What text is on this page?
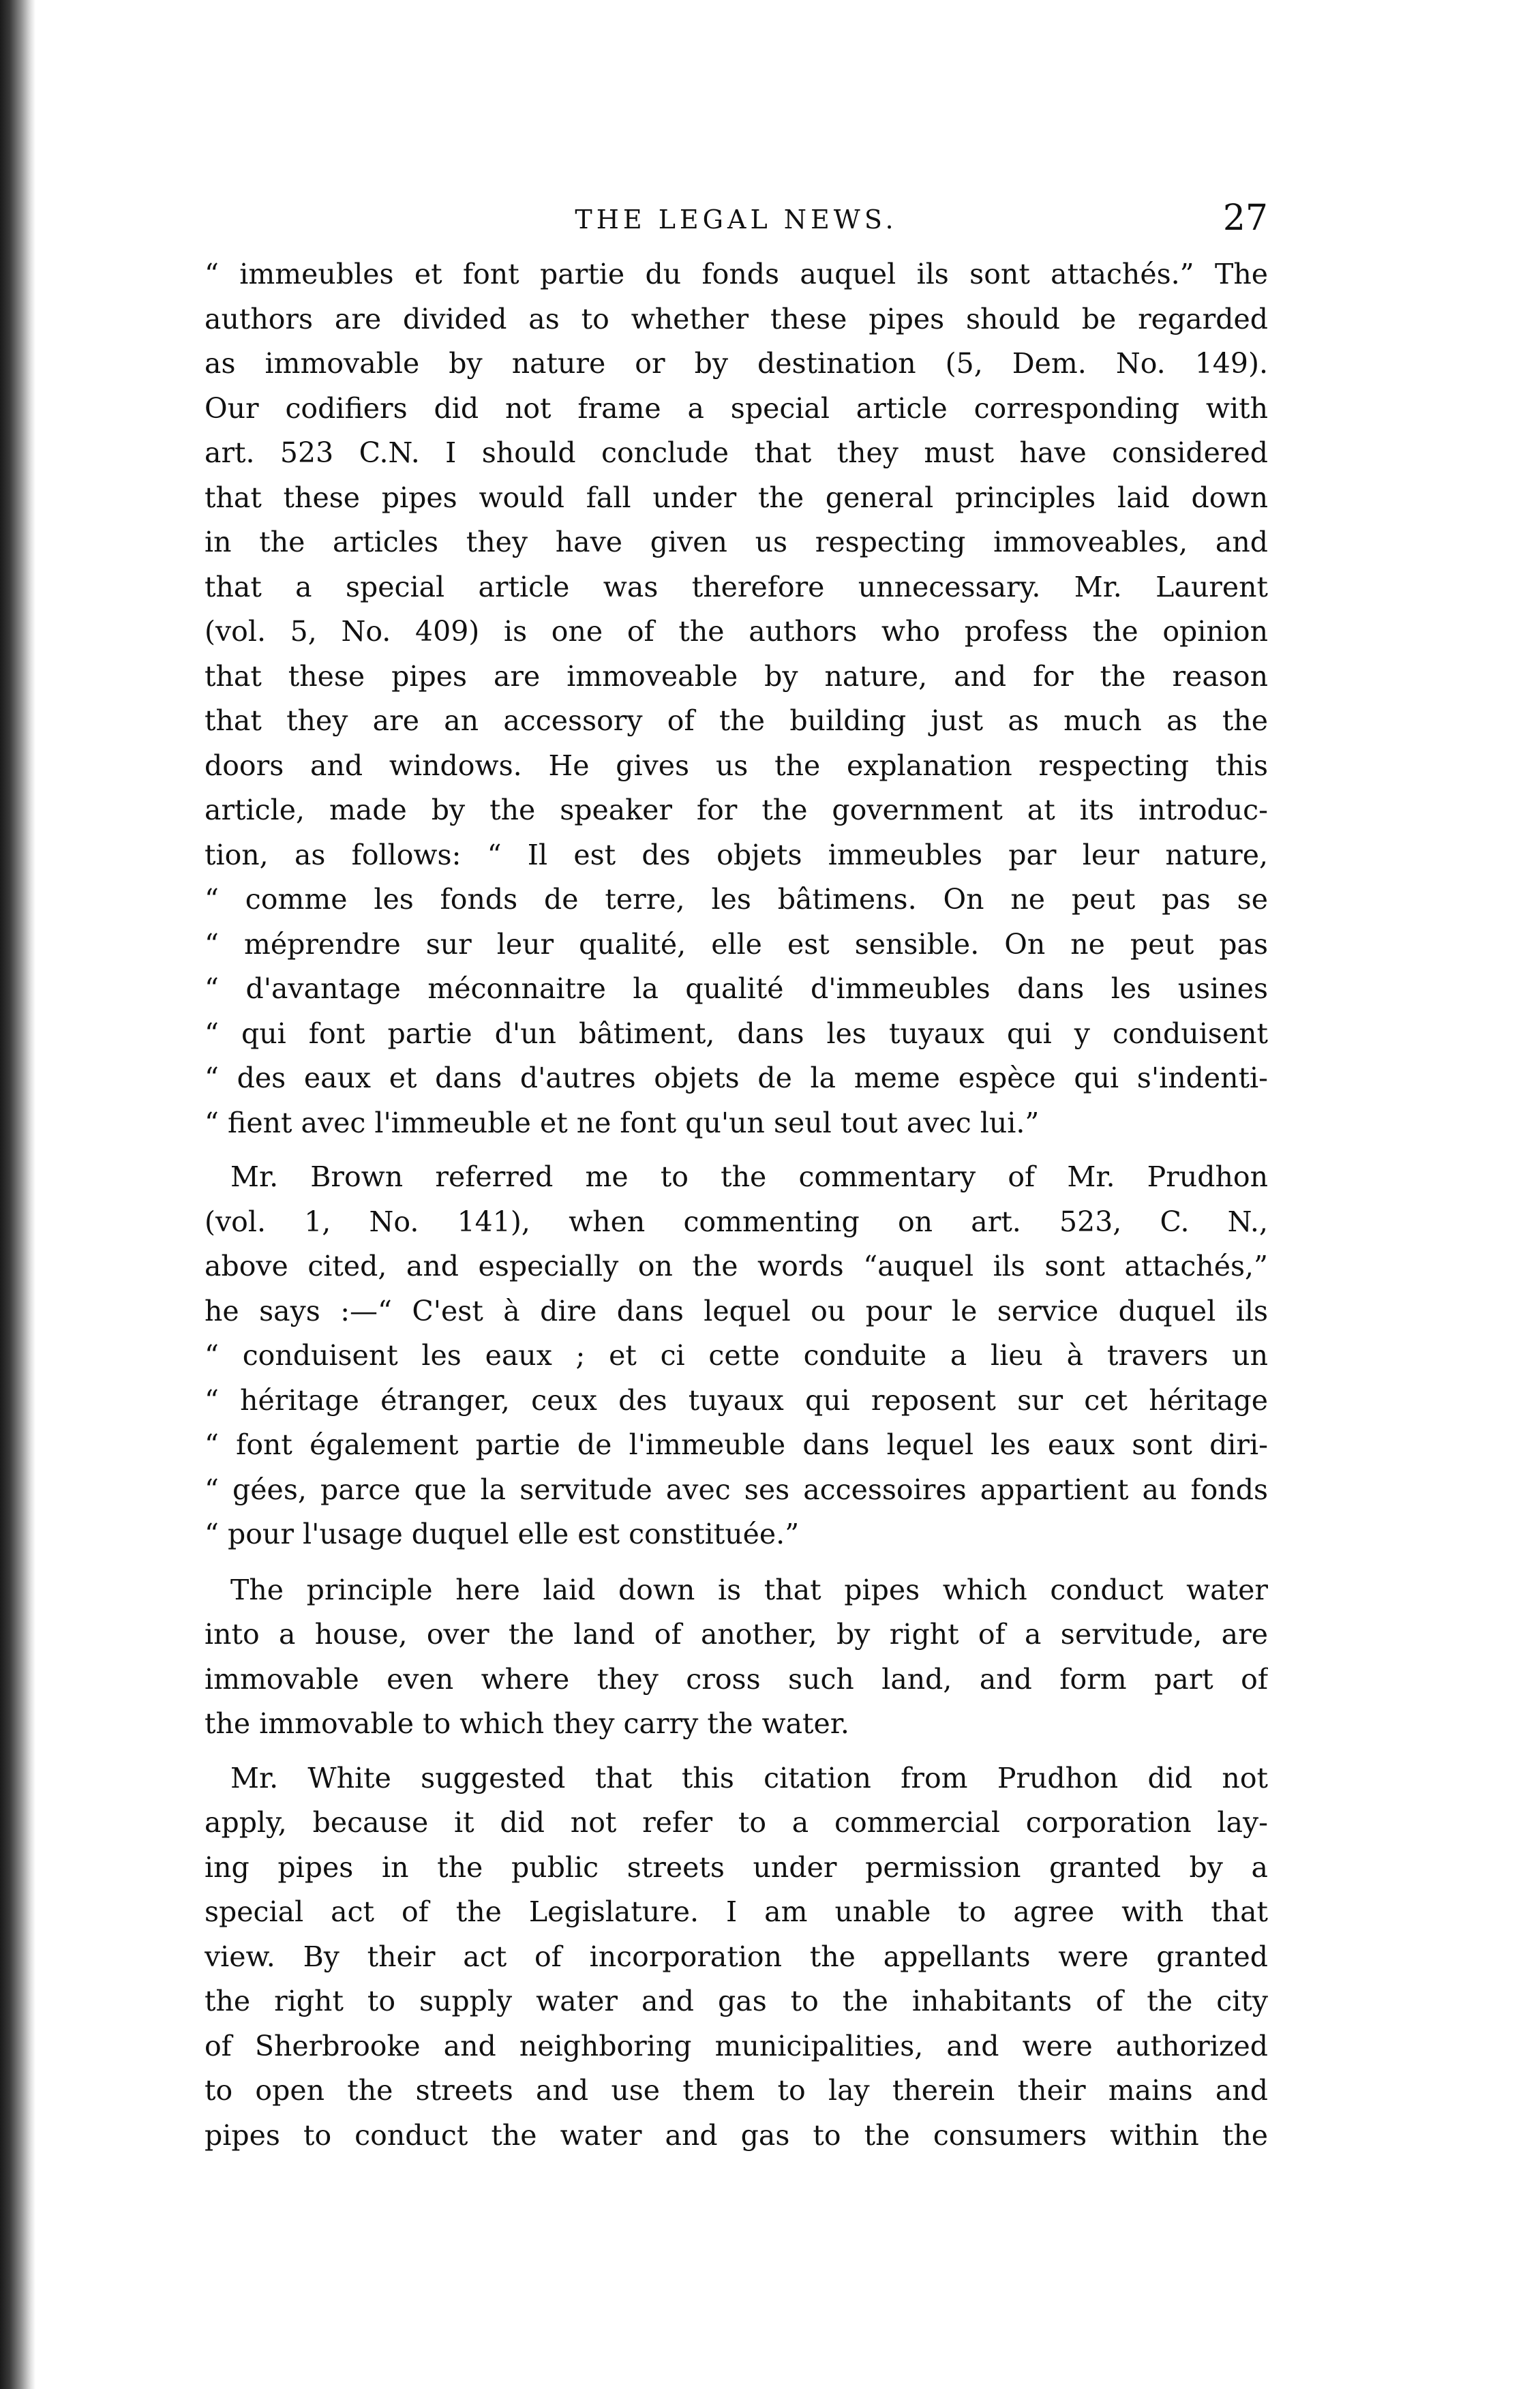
THE LEGAL NEWS.	27
“ immeubles et font partie du fonds auquel ils sont attachés.” The
authors are divided as to whether these pipes should be regarded
as immovable by nature or by destination (5, Dem. No. 149).
Our codifiers did not frame a special article corresponding with
art. 523 C.N. I should conclude that they must have considered
that these pipes would fall under the general principles laid down
in the articles they have given us respecting immoveables, and
that a special article was therefore unnecessary. Mr. Laurent
(vol. 5, No. 409) is one of the authors who profess the opinion
that these pipes are immoveable by nature, and for the reason
that they are an accessory of the building just as much as the
doors and windows. He gives us the explanation respecting this
article, made by the speaker for the government at its introduc-
tion, as follows: “ Il est des objets immeubles par leur nature,
“ comme les fonds de terre, les bâtimens. On ne peut pas se
“ méprendre sur leur qualité, elle est sensible. On ne peut pas
“ d'avantage méconnaitre la qualité d'immeubles dans les usines
“ qui font partie d'un bâtiment, dans les tuyaux qui y conduisent
“ des eaux et dans d'autres objets de la meme espèce qui s'indenti-
“ fient avec l'immeuble et ne font qu'un seul tout avec lui.”
Mr. Brown referred me to the commentary of Mr. Prudhon
(vol. 1, No. 141), when commenting on art. 523, C. N.,
above cited, and especially on the words “auquel ils sont attachés,”
he says :—“ C'est à dire dans lequel ou pour le service duquel ils
“ conduisent les eaux ; et ci cette conduite a lieu à travers un
“ héritage étranger, ceux des tuyaux qui reposent sur cet héritage
“ font également partie de l'immeuble dans lequel les eaux sont diri-
“ gées, parce que la servitude avec ses accessoires appartient au fonds
“ pour l'usage duquel elle est constituée.”
The principle here laid down is that pipes which conduct water
into a house, over the land of another, by right of a servitude, are
immovable even where they cross such land, and form part of
the immovable to which they carry the water.
Mr. White suggested that this citation from Prudhon did not
apply, because it did not refer to a commercial corporation lay-
ing pipes in the public streets under permission granted by a
special act of the Legislature. I am unable to agree with that
view. By their act of incorporation the appellants were granted
the right to supply water and gas to the inhabitants of the city
of Sherbrooke and neighboring municipalities, and were authorized
to open the streets and use them to lay therein their mains and
pipes to conduct the water and gas to the consumers within the
